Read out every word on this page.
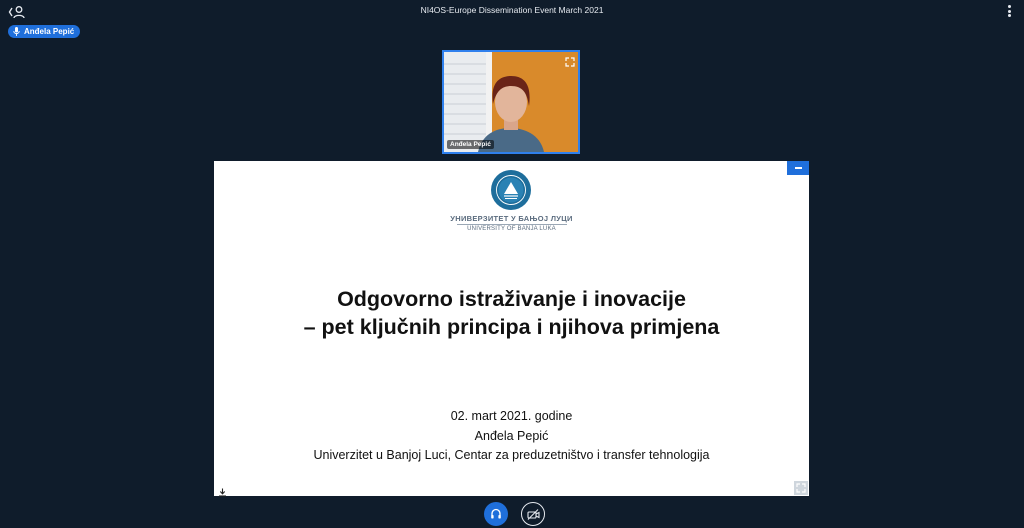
NI4OS-Europe Dissemination Event March 2021
Anđela Pepić
Anđela Pepić
УНИВЕРЗИТЕТ У БАЊОЈ ЛУЦИ
UNIVERSITY OF BANJA LUKA
Odgovorno istraživanje i inovacije
– pet ključnih principa i njihova primjena
02. mart 2021. godine
Anđela Pepić
Univerzitet u Banjoj Luci, Centar za preduzetništvo i transfer tehnologija
